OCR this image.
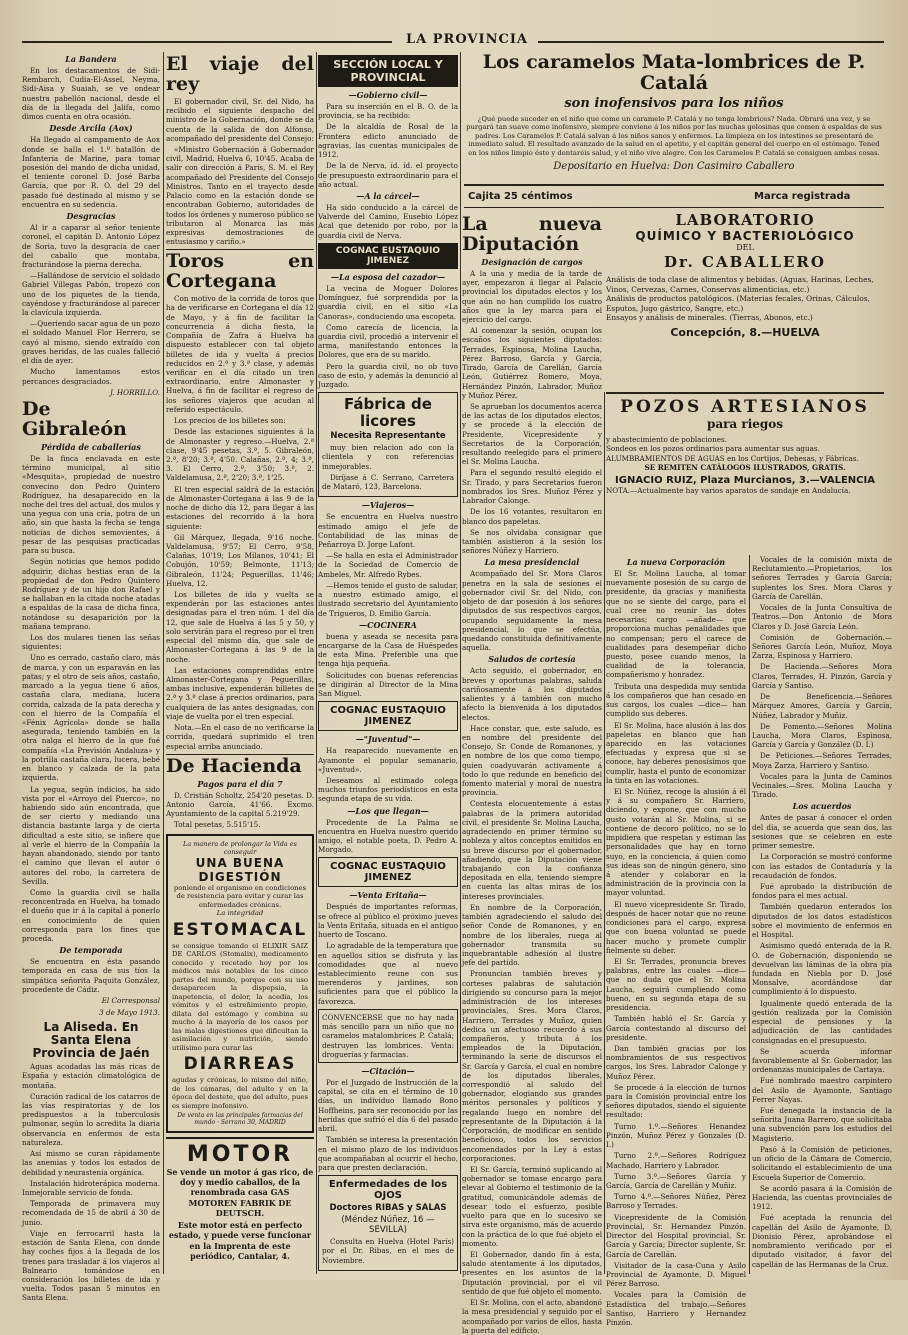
LA PROVINCIA
La Bandera

En los destacamentos de Sidi-Rembarch, Cudia-El-Assel, Neyma, Sidi-Aisa y Suaiah, se ve ondear nuestra pabellón nacional, desde el día de la llegada del Jalifa, como dimos cuenta en otra ocasión.

Desde Arcila (Aox)

Ha llegado al campamento de Aox donde se halla el 1.º batallón de Infantería de Marine, para tomar posesión del mando de dicha unidad, el teniente coronel D. José Barba García, que por R. O. del 29 del pasado fué destinado al mismo y se encuentra en su sedencia.

Desgracias

Al ir a caparar al señor teniente coronel, el capitán D. Antonio López de Soria, tuvo la desgracia de caer del caballo que montaba, fracturándose la pierna derecha.

—Hallándose de servicio el soldado Gabriel Villegas Pabón, tropezó con uno de los piquetes de la tienda, cayéndose y fracturándose al parecer la clavícula izquierda.

—Queriendo sacar agua de un pozo el soldado Manuel Flor Herrero, se cayó al mismo, siendo extraído con graves heridas, de las cuales falleció el día de ayer.

Mucho lamentamos estos percances desgraciados.

J. HORRILLO.
De Gibraleón
Pérdida de caballerías

De la finca enclavada en este término municipal, al sitio «Mesquita», propiedad de nuestro convecino don Pedro Quintero Rodríguez, ha desaparecido en la noche del tres del actual, dos mulos y una yegua con una cría, potra de un año, sin que hasta la fecha se tenga noticias de dichos semovientes, á pesar de las pesquisas practicadas para su busca.

Según noticias que hemos podido adquirir, dichas bestias eran de la propiedad de don Pedro Quintero Rodríguez y de un hijo don Rafael y se hallaban en la citada noche atadas a espaldas de la casa de dicha finca, notándose su desaparición por la mañana temprano.

Los dos mulares tienen las señas siguientes:

Uno es cerrado, castaño claro, más de marca, y con un esparaván en las patas; y el otro de seis años, castaño, marcado a la yegua tiene 6 años, castaña clara, mediana, lucera corrida, calzada de la pata derecha y con el hierro de la Compañía el «Fénix Agrícola» donde se halla asegurada, teniendo también en la otra nalga el hierro de la que fué compañía «La Previsión Andaluza» y la potrilla castaña clara, lucera, bebé en blanco y calzada de la pata izquierda.

La yegua, según indicios, ha sido vista por el «Arroyo del Puerco», no habiendo sido aún encontrada, que de ser cierto y mediando una distancia bastante larga y de cierta dificultad a este sitio, se infiere que al verle el hierro de la Compañía la hayan abandonado, siendo por tanto el camino que llevan el autor ó autores del robo, la carretera de Sevilla.

Como la guardia civil se halla reconcentrada en Huelva, ha tomado el dueño que ir á la capital á ponerlo en conocimiento de quien corresponda para los fines que proceda.

De temporada

Se encuentra en ésta pasando temporada en casa de sus tíos la simpática señorita Paquita González, procedente de Cádiz.

El Corresponsal
3 de Mayo 1913.
La Aliseda. En Santa Elena Provincia de Jaén

Aguas acodadas las más ricas de España y estación climatológica de montaña.

Curación radical de los catarros de las vías respiratorias y de los predispuestos a la tuberculosis pulmonar, según lo acredita la diaria observancia en enfermos de esta naturaleza.

Así mismo se curan rápidamente las anemias y todos los estados de debilidad y neurastenia orgánica.

Instalación hidroterápica moderna. Inmejorable servicio de fonda.

Temporada de primavera muy recomendada de 15 de abril á 30 de junio.

Viaje en ferrocarril hasta la estación de Santa Elena, con donde hay coches fijos á la llegada de los trenes para trasladar á los viajeros al Balneario tomándose en consideración los billetes de ida y vuelta. Todos pasan 5 minutos en Santa Elena.

El viaje del rey

El gobernador civil, Sr. del Nido, ha recibido el siguiente despacho del ministro de la Gobernación, donde se da cuenta de la salida de don Alfonso, acompañado del presidente del Consejo:

«Ministro Gobernación á Gobernador civil, Madrid, Huelva 6, 10'45. Acaba de salir con dirección á París, S. M. el Rey acompañado del Presidente del Consejo Ministros. Tanto en el trayecto desde Palacio como en la estación donde se encontraban Gobierno, autoridades de todos los órdenes y numeroso público se tributaron al Monarca las más expresivas demostraciones de entusiasmo y cariño.»

Toros en Cortegana

Con motivo de la corrida de toros que ha de verificarse en Cortegana el día 12 de Mayo, y á fin de facilitar la concurrencia á dicha fiesta, la Compañía de Zafra á Huelva ha dispuesto establecer con tal objeto billetes de ida y vuelta á precios reducidos en 2.ª y 3.ª clase, y además verificar en el día citado un tren extraordinario, entre Almonaster y Huelva, á fin de facilitar el regreso de los señores viajeros que acudan al referido espectáculo.

Los precios de los billetes son:

Desde las estaciones siguientes á la de Almonaster y regreso.—Huelva, 2.ª clase, 9'45 pesetas, 3.ª, 5. Gibraleón, 2.ª, 8'20; 3.ª, 4'50. Calañas, 2.ª, 4; 3.ª, 3. El Cerro, 2.ª, 3'50; 3.ª, 2. Valdelamusa, 2.ª, 2'20; 3.ª, 1'25.

El tren especial saldrá de la estación de Almonaster-Cortegana á las 9 de la noche de dicho día 12, para llegar á las estaciones del recorrido á la hora siguiente:

Gil Márquez, llegada, 9'16 noche. Valdelamusa, 9'57; El Cerro, 9'58, Calañas, 10'19; Los Milanos, 10'41; El Cobujón, 10'59; Belmonte, 11'13; Gibraleón, 11'24; Peguerillas, 11'46; Huelva, 12.

Los billetes de ida y vuelta se expenderán por las estaciones antes designadas para el tren núm. 1 del día 12, que sale de Huelva á las 5 y 50, y solo servirán para el regreso por el tren especial del mismo día, que sale de Almonaster-Cortegana á las 9 de la noche.

Las estaciones comprendidas entre Almonaster-Cortegana y Peguerillas, ambas inclusive, expenderán billetes de 2.ª y 3.ª clase á precios ordinarios, para cualquiera de las antes designadas, con viaje de vuelta por el tren especial.

Nota.—En el caso de no verificarse la corrida, quedará suprimido el tren especial arriba anunciado.

De Hacienda
Pagos para el día 7

D. Cristián Scholtz, 254'20 pesetas. D. Antonio García, 41'66. Excmo. Ayuntamiento de la capital 5.219'29.

Total pesetas, 5.515'15.

La manera de prolongar la Vida es conseguir
UNA BUENA DIGESTIÓN
poniendo el organismo en condiciones de resistencia para evitar y curar las enfermedades crónicas.
La integridad
ESTOMACAL
se consigue tomando el ELIXIR SAIZ DE CARLOS (Stomalix), medicamento conocido y recetado hoy por los médicos más notables de los cinco partes del mundo, porque con su uso desaparecen la dispepsia, la inapetencia, el dolor, la acedia, los vómitos y el estreñimiento propio, dilata del estómago y combina su mucho á la mayoría de los casos por las malas digestiones que dificultan la asimilación y nutrición, siendo utilísimo para curar las
DIARREAS
agudas y crónicas, lo mismo del niño, de los cámaras, del adulto y en la época del destete, que del adulto, pues es siempre inofensivo.
De venta en las principales farmacias del mundo · Serrano 30, MADRID
MOTOR

Se vende un motor á gas rico, de doy y medio caballos, de la renombrada casa GAS MOTOREN FABRIK DE DEUTSCH.

Este motor está en perfecto estado, y puede verse funcionar en la Imprenta de este periódico, Cantalar, 4.

SECCIÓN LOCAL Y PROVINCIAL
—Gobierno civil—

Para su inserción en el B. O. de la provincia, se ha recibido:

De la alcaldía de Rosal de la Frontera edicto anunciado de agravias, las cuentas municipales de 1912.

De la de Nerva, íd. íd. el proyecto de presupuesto extraordinario para el año actual.

—A la cárcel—

Ha sido conducido a la cárcel de Valverde del Camino, Eusebio López Acal que detenido por robo, por la guardia civil de Nerva.

COGNAC EUSTAQUIO JIMENEZ
—La esposa del cazador—

La vecina de Moguer Dolores Domínguez, fué sorprendida por la guardia civil, en el sitio «La Canoras», conduciendo una escopeta.

Como carecía de licencia, la guardia civil, procedió a intervenir el arma, manifestando entonces la Dolores, que era de su marido.

Pero la guardia civil, no ob tuvo caso de esto, y además la denunció al Juzgado.

Fábrica de licores
Necesita Representante

muy bien relacion ado con la clientela y con referencias inmejorables.

Diríjase á C. Serrano, Carretera de Mataró, 123, Barcelona.

—Viajeros—

Se encuentra en Huelva nuestro estimado amigo el jefe de Contabilidad de las minas de Peñarroya D. Jorge Lafont.

—Se halla en esta el Administrador de la Sociedad de Comercio de Ambeles, Mr. Alfredo Rybes.

—Hemos tenido el gusto de saludar, a nuestro estimado amigo, el ilustrado secretario del Ayuntamiento de Trigueros, D. Emilio García.

—COCINERA

buena y aseada se necesita para encargarse de la Casa de Huéspedes de esta Mina. Preferible una que tenga hija pequeña.

Solicitudes con buenas referencias se dirigirán al Director de la Mina San Miguel.

COGNAC EUSTAQUIO JIMENEZ
—"Juventud"—

Ha reaparecido nuevamente en Ayamonte el popular semanario, «Juventud».

Deseamos al estimado colega muchos triunfos periodísticos en esta segunda etapa de su vida.

—Los que llegan—

Procedente de La Palma se encuentra en Huelva nuestro querido amigo, el notable poeta, D. Pedro A. Morgado.

COGNAC EUSTAQUIO JIMENEZ
—Venta Eritaña—

Después de importantes reformas, se ofrece al público el próximo jueves la Venta Eritaña, situada en el antiguo huerto de Toscano.

Lo agradable de la temperatura que en aquellos sitios se disfruta y las comodidades que al nuevo establecimiento reune con sus merenderos y jardines, son suficientes para que el público la favorezca.

CONVENCERSE que no hay nada más sencillo para un niño que no caramelos matalombrices P. Catalá; destruyen las lombrices. Venta: droguerías y farmacias.
—Citación—

Por el Juzgado de Instrucción de la capital, se cita en el término de 10 días, un individuo llamado Bono Hoffheins, para ser reconocido por las heridas que sufrió el día 6 del pasado abril.

También se interesa la presentación en el mismo plazo de los individuos que acompañaban al ocurrir el hecho, para que presten declaración.

Enfermedades de los OJOS
Doctores RIBAS y SALAS
(Méndez Núñez, 16 — SEVILLA)

Consulta en Huelva (Hotel París) por el Dr. Ribas, en el mes de Noviembre.

Los caramelos Mata-lombrices de P. Catalá
son inofensivos para los niños
¿Qué puede suceder en el niño que come un caramelo P. Catalá y no tenga lombrices? Nada. Obrará una vez, y se purgará tan suave como inofensivo, siempre conviene á los niños por las muchas golosinas que comen á espaldas de sus padres. Los Caramelos P. Catalá salvan á los niños sanos y enfermos. La limpieza en los intestinos se presentará de inmediato salud. El resultado avanzado de la salud en el apetito, y el capitán general del cuerpo en el estómago. Tened en los niños limpio éste y dentaréis salud, y el niño vive alegre. Con los Caramelos P. Catalá se consiguen ambas cosas.
Depositario en Huelva: Don Casimiro Caballero
Cajita 25 céntimos	Marca registrada
LABORATORIO
QUÍMICO Y BACTERIOLÓGICO
DEL
Dr. CABALLERO

Análisis de toda clase de alimentos y bebidas. (Aguas, Harinas, Leches, Vinos, Cervezas, Carnes, Conservas alimenticias, etc.)

Análisis de productos patológicos. (Materias fecales, Orinas, Cálculos, Esputos, Jugo gástrico, Sangre, etc.)

Ensayos y análisis de minerales. (Tierras, Abonos, etc.)

Concepción, 8.—HUELVA
POZOS ARTESIANOS
para riegos
y abastecimiento de poblaciones.
Sondeos en los pozos ordinarios para aumentar sus aguas.
ALUMBRAMIENTOS DE AGUAS en los Cortijos, Dehesas, y Fábricas.
SE REMITEN CATÁLOGOS ILUSTRADOS, GRATIS.
IGNACIO RUIZ, Plaza Murcianos, 3.—VALENCIA
NOTA.—Actualmente hay varios aparatos de sondaje en Andalucía.
La nueva Diputación
Designación de cargos

A la una y media de la tarde de ayer, empezaron á llegar al Palacio provincial los diputados electos y los que aún no han cumplido los cuatro años que la ley marca para el ejercicio del cargo.

Al comenzar la sesión, ocupan los escaños los siguientes diputados: Terrades, Espinosa, Molina Laucha, Pérez Barroso, García y García, Tirado, García de Carellán, García León, Gutiérrez Romero, Moya, Hernández Pinzón, Labrador, Muñoz y Muñoz Pérez.

Se aprueban los documentos acerca de las actas de los diputados electos, y se procede á la elección de Presidente, Vicepresidente y Secretarios de la Corporación, resultando reelegido para el primero el Sr. Molina Laucha.

Para el segundo resultó elegido el Sr. Tirado, y para Secretarios fueron nombrados los Sres. Muñoz Pérez y Labrador Calonge.

De los 16 votantes, resultaron en blanco dos papeletas.

Se nos olvidaba consignar que también asistieron á la sesión los señores Núñez y Harriero.

La mesa presidencial

Acompañado del Sr. Mora Claros penetra en la sala de sesiones el gobernador civil Sr. del Nido, con objeto de dar posesión á los señores diputados de sus respectivos cargos, ocupando seguidamente la mesa presidencial, lo que se efectúa, quedando constituida definitivamente aquella.

Saludos de cortesía

Acto seguido, el gobernador, en breves y oportunas palabras, saluda cariñosamente á los diputados salientes y á también con mucho afecto la bienvenida á los diputados electos.

Hace constar, que, este saludo, es en nombre del presidente del Consejo, Sr. Conde de Romanones, y en nombre de los que como tiempo, quien coadyuvarán activamente á todo lo que redunde en beneficio del fomento material y moral de nuestra provincia.

Contesta elocuentemente á estas palabras de la primera autoridad civil, el presidente Sr. Molina Laucha, agradeciendo en primer término su nobleza y altos conceptos emitidos en su breve discurso por el gobernador, añadiendo, que la Diputación viene trabajando con la confianza depositada en ella, teniendo siempre en cuenta las altas miras de los intereses provinciales.

En nombre de la Corporación, también agradeciendo el saludo del señor Conde de Romanones, y en nombre de los liberales, ruega al gobernador transmita su inquebrantable adhesión al ilustre jefe del partido.

Pronuncian también breves y corteses palabras de salutación dirigiendo su concurso para la mejor administración de los intereses provinciales, Sres. Mora Claros, Harriero, Terrades y Muñoz, quien dedica un afectuoso recuerdo á sus compañeros, y tributa á los empleados de la Diputación, terminando la serie de discursos el Sr. García y García, el cual en nombre de los diputados liberales, correspondió al saludo del gobernador, elogiando sus grandes méritos personales y políticos y regalando luego en nombre del representante de la Diputación á la Corporación, de modificar en sentido beneficioso, todos los servicios encomendados por la Ley á estas corporaciones.

El Sr. García, terminó suplicando al gobernador se tomase encargo para elevar al Gobierno el testimonio de la gratitud, comunicándole además de desear todo el esfuerzo, posible vuelto para que en lo sucesivo se sirva este organismo, más de acuerdo con la práctica de lo que fué objeto el momento.

El Gobernador, dando fin á esta, saludo atentamente á los diputados, presentes en los asuntos de la Diputación provincial, por el vil sentido de que fué objeto el momento.

El Sr. Molina, con el acto, abandonó la mesa presidencial y seguido por el acompañado por varios de ellos, hasta la puerta del edificio.

La nueva Corporación

El Sr. Molina Laucha, al tomar nuevamente posesión de su cargo de presidente, da gracias y manifiesta que no se siente del cargo, para el cual cree no reunir las dotes necesarias; cargo —añade— que proporciona muchas penalidades que no compensan; pero el carece de cualidades para desempeñar dicho puesto, posee cuando menos, la cualidad de la tolerancia, compañerismo y honradez.

Tributa una despedida muy sentida á los compañeros que han cesado en sus cargos, los cuales —dice— han cumplido sus deberes.

El Sr. Molina, hace alusión á las dos papeletas en blanco que han aparecido en las votaciones efectuadas y expresa que si se conoce, hay deberes penosísimos que cumplir, hasta el punto de economizar la tinta en las votaciones.

El Sr. Núñez, recoge la alusión á él y á su compañero Sr. Harriero, diciendo, y expone, que con mucho gusto votarán al Sr. Molina, si se contiene de decoro político, no se lo impidiera que respetan y estiman las personalidades que hay en torno suyo, en la conciencia, á quien como sus ideas son de ningún género, sino á atender y colaborar en la administración de la provincia con la mayor voluntad.

El nuevo vicepresidente Sr. Tirado, después de hacer notar que no reune condiciones para el cargo, expresa que con buena voluntad se puede hacer mucho y promete cumplir fielmente su deber.

El Sr. Terrades, pronuncia breves palabras, entre las cuales —dice— que no duda que el Sr. Molina Laucha, seguirá cumpliendo como bueno, en su segunda etapa de su presidencia.

También habló el Sr. García y García contestando al discurso del presidente.

Dan también gracias por los nombramientos de sus respectivos cargos, los Sres. Labrador Calonge y Muñoz Pérez.

Se procede á la elección de turnos para la Comisión provincial entre los señores diputados, siendo el siguiente resultado:

Turno 1.º.—Señores Henandez Pinzón, Muñoz Pérez y Gonzales (D. I.)

Turno 2.º.—Señores Rodríguez Machado, Harriero y Labrador.

Turno 3.º.—Señores García y García, García de Carellán y Muñiz.

Turno 4.º.—Señores Núñez, Pérez Barroso y Terrades.

Vicepresidente de la Comisión Provincial, Sr. Hernandez Pinzón. Director del Hospital provincial, Sr. García y García; Director suplente, Sr. García de Carellán.

Visitador de la casa-Cuna y Asilo Provincial de Ayamonte, D. Miguel Pérez Barroso.

Vocales para la Comisión de Estadística del trabajo.—Señores Santiso, Harriero y Hernandez Pinzón.

Vocales de la comisión mixta de Reclutamiento.—Propietarios, los señores Terrades y García García; suplentes los Sres. Mora Claros y García de Carellán.

Vocales de la Junta Consultiva de Teatros.—Don Antonio de Mora Claros y D. José García León.

Comisión de Gobernación.—Señores García León, Muñoz, Moya Zarza, Espinosa y Harriero.

De Hacienda.—Señores Mora Claros, Terrades, H. Pinzón, García y García y Santiso.

De Beneficencia.—Señores Márquez Amores, García y García, Núñez, Labrador y Muñiz.

De Fomento.—Señores Molina Laucha, Mora Claros, Espinosa, García y García y González (D. I.)

De Peticiones.—Señores Terrades, Moya Zarza, Harriero y Santiso.

Vocales para la Junta de Caminos Vecinales.—Sres. Molina Laucha y Tirado.

Los acuerdos

Antes de pasar á conocer el orden del día, se acuerda que sean dos, las sesiones que se celebren en este primer semestre.

La Corporación se mostró conforme con las estados de Contaduría y la recaudación de fondos.

Fué aprobado la distribución de fondos para el mes actual.

También quedaron enterados los diputados de los datos estadísticos sobre el movimiento de enfermos en el Hospital.

Asimismo quedó enterada de la R. O. de Gobernación, disponiendo se devuelvan las láminas de la obra pía fundada en Niebla por D. José Monsalve, acordándose dar cumplimiento á lo dispuesto.

Igualmente quedó enterada de la gestión realizada por la Comisión especial de pensiones y la adjudicación de las cantidades consignadas en el presupuesto.

Se acuerda informar favorablemente al Sr. Gobernador, las ordenanzas municipales de Cartaya.

Fué nombrado maestro carpintero del Asilo de Ayamonte, Santiago Ferrer Nayas.

Fué denegada la instancia de la señorita Juana Barrero, que solicitaba una subvención para los estudios del Magisterio.

Pasó á la Comisión de peticiones, un oficio de la Cámara de Comercio, solicitando el establecimiento de una Escuela Superior de Comercio.

Se acordó pasara á la Comisión de Hacienda, las cuentas provinciales de 1912.

Fué aceptada la renuncia del capellán del Asilo de Ayamonte, D. Dionisio Pérez, aprobándose el nombramiento verificado por el diputado visitador, á favor del capellán de las Hermanas de la Cruz.
